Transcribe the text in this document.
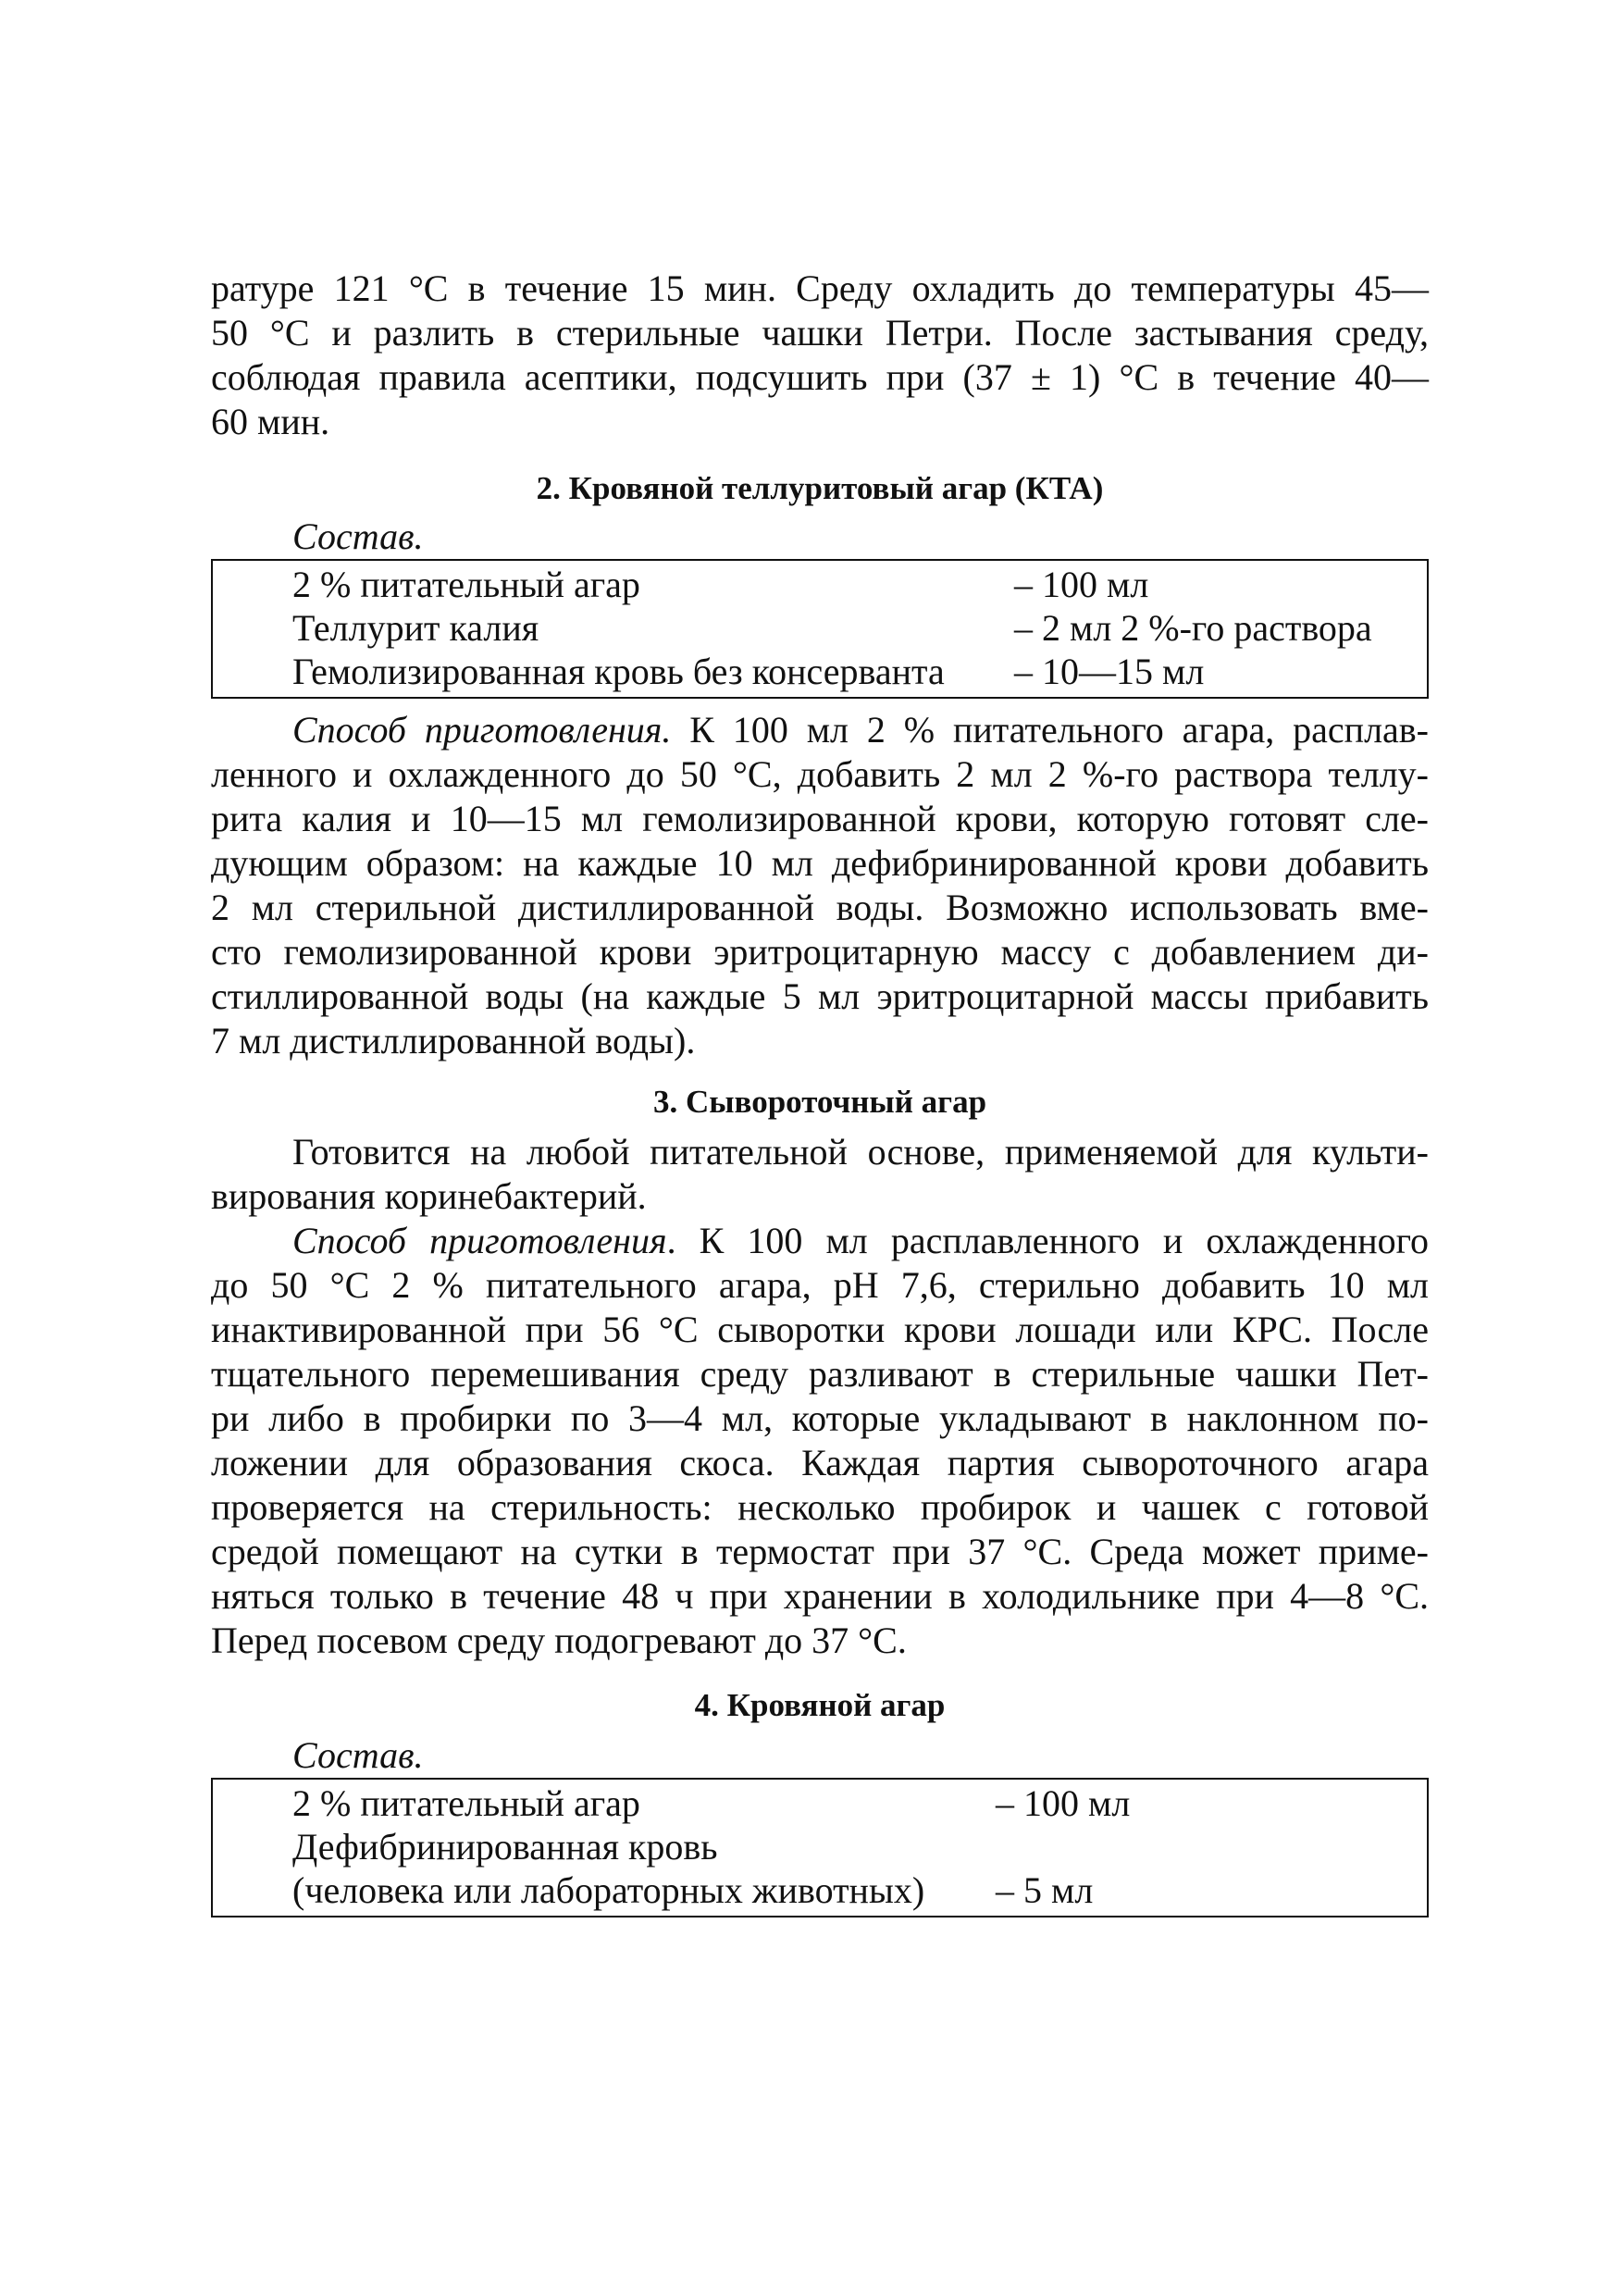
ратуре 121 °С в течение 15 мин. Среду охладить до температуры 45—

50 °С и разлить в стерильные чашки Петри. После застывания среду,

соблюдая правила асептики, подсушить при (37 ± 1) °С в течение 40—

60 мин.

2. Кровяной теллуритовый агар (КТА)

Состав.

2 % питательный агар	– 100 мл
Теллурит калия	– 2 мл 2 %-го раствора
Гемолизированная кровь без консерванта	– 10—15 мл

Способ приготовления. К 100 мл 2 % питательного агара, расплав-

ленного и охлажденного до 50 °С, добавить 2 мл 2 %-го раствора теллу-

рита калия и 10—15 мл гемолизированной крови, которую готовят сле-

дующим образом: на каждые 10 мл дефибринированной крови добавить

2 мл стерильной дистиллированной воды. Возможно использовать вме-

сто гемолизированной крови эритроцитарную массу с добавлением ди-

стиллированной воды (на каждые 5 мл эритроцитарной массы прибавить

7 мл дистиллированной воды).

3. Сывороточный агар

Готовится на любой питательной основе, применяемой для культи-

вирования коринебактерий.

Способ приготовления. К 100 мл расплавленного и охлажденного

до 50 °С 2 % питательного агара, рН 7,6, стерильно добавить 10 мл

инактивированной при 56 °С сыворотки крови лошади или КРС. После

тщательного перемешивания среду разливают в стерильные чашки Пет-

ри либо в пробирки по 3—4 мл, которые укладывают в наклонном по-

ложении для образования скоса. Каждая партия сывороточного агара

проверяется на стерильность: несколько пробирок и чашек с готовой

средой помещают на сутки в термостат при 37 °С. Среда может приме-

няться только в течение 48 ч при хранении в холодильнике при 4—8 °С.

Перед посевом среду подогревают до 37 °С.

4. Кровяной агар

Состав.

2 % питательный агар	– 100 мл
Дефибринированная кровь
(человека или лабораторных животных)	– 5 мл
